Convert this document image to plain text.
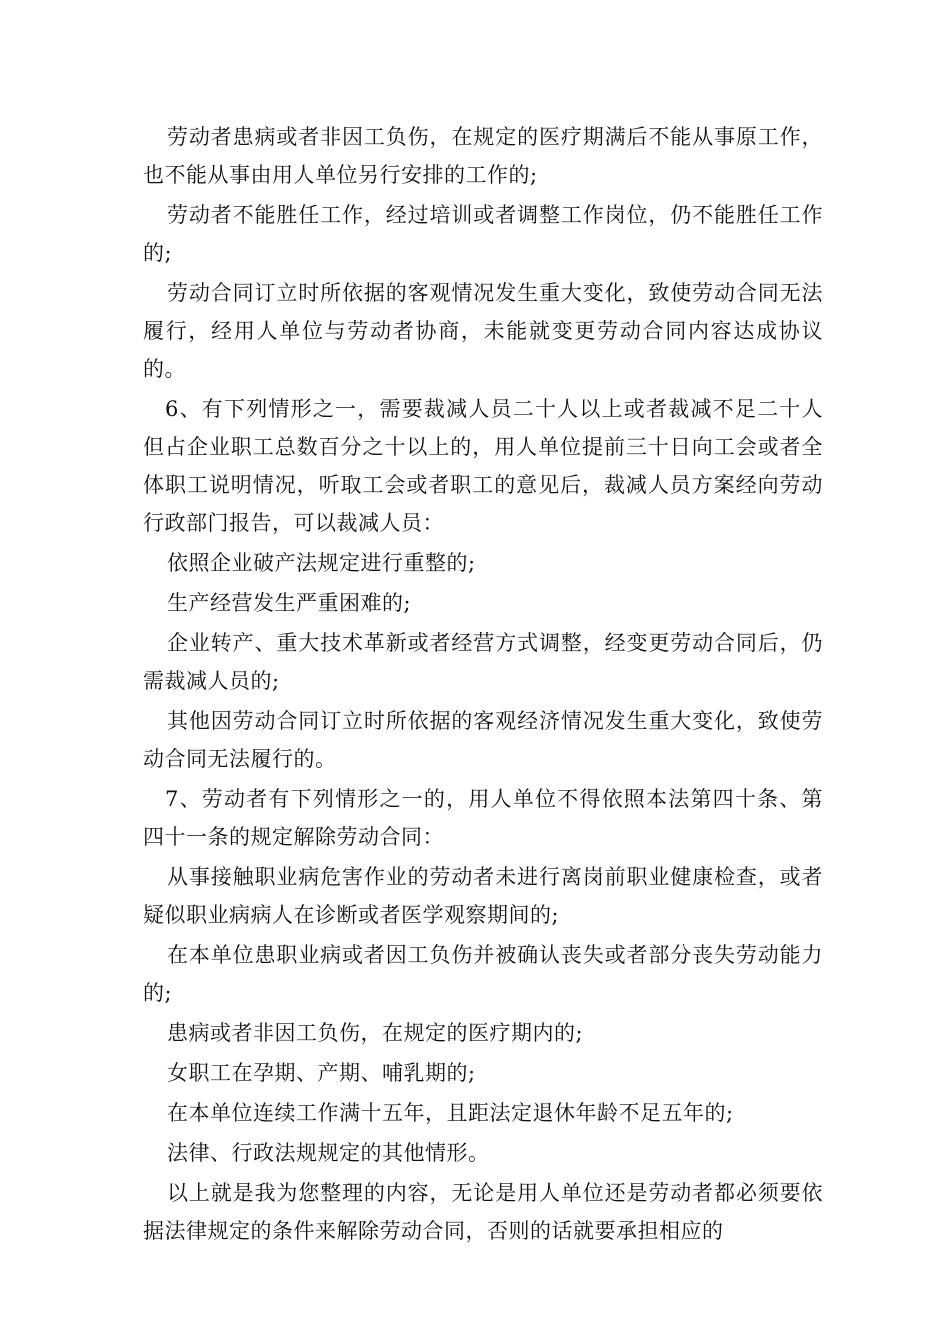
劳动者患病或者非因工负伤，在规定的医疗期满后不能从事原工作，也不能从事由用人单位另行安排的工作的;

劳动者不能胜任工作，经过培训或者调整工作岗位，仍不能胜任工作的;

劳动合同订立时所依据的客观情况发生重大变化，致使劳动合同无法履行，经用人单位与劳动者协商，未能就变更劳动合同内容达成协议的。

6、有下列情形之一，需要裁减人员二十人以上或者裁减不足二十人但占企业职工总数百分之十以上的，用人单位提前三十日向工会或者全体职工说明情况，听取工会或者职工的意见后，裁减人员方案经向劳动行政部门报告，可以裁减人员：

依照企业破产法规定进行重整的;

生产经营发生严重困难的;

企业转产、重大技术革新或者经营方式调整，经变更劳动合同后，仍需裁减人员的;

其他因劳动合同订立时所依据的客观经济情况发生重大变化，致使劳动合同无法履行的。

7、劳动者有下列情形之一的，用人单位不得依照本法第四十条、第四十一条的规定解除劳动合同：

从事接触职业病危害作业的劳动者未进行离岗前职业健康检查，或者疑似职业病病人在诊断或者医学观察期间的;

在本单位患职业病或者因工负伤并被确认丧失或者部分丧失劳动能力的;

患病或者非因工负伤，在规定的医疗期内的;

女职工在孕期、产期、哺乳期的;

在本单位连续工作满十五年，且距法定退休年龄不足五年的;

法律、行政法规规定的其他情形。

以上就是我为您整理的内容，无论是用人单位还是劳动者都必须要依据法律规定的条件来解除劳动合同，否则的话就要承担相应的
